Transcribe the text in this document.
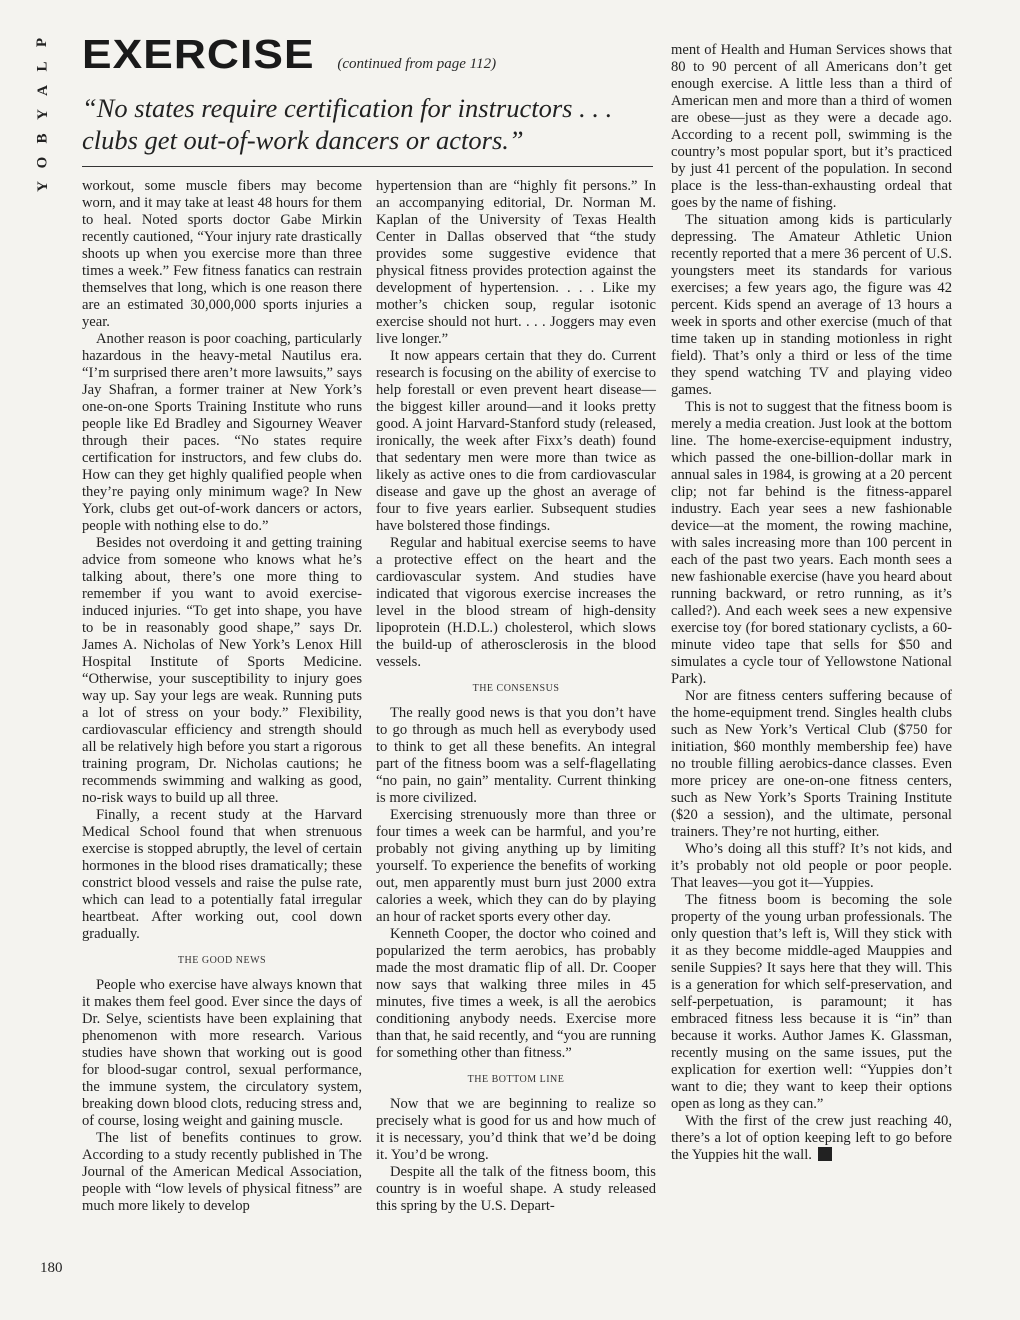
P
L
A
Y
B
O
Y
EXERCISE (continued from page 112)
“No states require certification for instructors . . . clubs get out-of-work dancers or actors.”

workout, some muscle fibers may become worn, and it may take at least 48 hours for them to heal. Noted sports doctor Gabe Mirkin recently cautioned, “Your injury rate drastically shoots up when you exercise more than three times a week.” Few fitness fanatics can restrain themselves that long, which is one reason there are an estimated 30,000,000 sports injuries a year.

Another reason is poor coaching, particularly hazardous in the heavy-metal Nautilus era. “I’m surprised there aren’t more lawsuits,” says Jay Shafran, a former trainer at New York’s one-on-one Sports Training Institute who runs people like Ed Bradley and Sigourney Weaver through their paces. “No states require certification for instructors, and few clubs do. How can they get highly qualified people when they’re paying only minimum wage? In New York, clubs get out-of-work dancers or actors, people with nothing else to do.”

Besides not overdoing it and getting training advice from someone who knows what he’s talking about, there’s one more thing to remember if you want to avoid exercise-induced injuries. “To get into shape, you have to be in reasonably good shape,” says Dr. James A. Nicholas of New York’s Lenox Hill Hospital Institute of Sports Medicine. “Otherwise, your susceptibility to injury goes way up. Say your legs are weak. Running puts a lot of stress on your body.” Flexibility, cardiovascular efficiency and strength should all be relatively high before you start a rigorous training program, Dr. Nicholas cautions; he recommends swimming and walking as good, no-risk ways to build up all three.

Finally, a recent study at the Harvard Medical School found that when strenuous exercise is stopped abruptly, the level of certain hormones in the blood rises dramatically; these constrict blood vessels and raise the pulse rate, which can lead to a potentially fatal irregular heartbeat. After working out, cool down gradually.

THE GOOD NEWS

People who exercise have always known that it makes them feel good. Ever since the days of Dr. Selye, scientists have been explaining that phenomenon with more research. Various studies have shown that working out is good for blood-sugar control, sexual performance, the immune system, the circulatory system, breaking down blood clots, reducing stress and, of course, losing weight and gaining muscle.

The list of benefits continues to grow. According to a study recently published in The Journal of the American Medical Association, people with “low levels of physical fitness” are much more likely to develop

hypertension than are “highly fit persons.” In an accompanying editorial, Dr. Norman M. Kaplan of the University of Texas Health Center in Dallas observed that “the study provides some suggestive evidence that physical fitness provides protection against the development of hypertension. . . . Like my mother’s chicken soup, regular isotonic exercise should not hurt. . . . Joggers may even live longer.”

It now appears certain that they do. Current research is focusing on the ability of exercise to help forestall or even prevent heart disease—the biggest killer around—and it looks pretty good. A joint Harvard-Stanford study (released, ironically, the week after Fixx’s death) found that sedentary men were more than twice as likely as active ones to die from cardiovascular disease and gave up the ghost an average of four to five years earlier. Subsequent studies have bolstered those findings.

Regular and habitual exercise seems to have a protective effect on the heart and the cardiovascular system. And studies have indicated that vigorous exercise increases the level in the blood stream of high-density lipoprotein (H.D.L.) cholesterol, which slows the build-up of atherosclerosis in the blood vessels.

THE CONSENSUS

The really good news is that you don’t have to go through as much hell as everybody used to think to get all these benefits. An integral part of the fitness boom was a self-flagellating “no pain, no gain” mentality. Current thinking is more civilized.

Exercising strenuously more than three or four times a week can be harmful, and you’re probably not giving anything up by limiting yourself. To experience the benefits of working out, men apparently must burn just 2000 extra calories a week, which they can do by playing an hour of racket sports every other day.

Kenneth Cooper, the doctor who coined and popularized the term aerobics, has probably made the most dramatic flip of all. Dr. Cooper now says that walking three miles in 45 minutes, five times a week, is all the aerobics conditioning anybody needs. Exercise more than that, he said recently, and “you are running for something other than fitness.”

THE BOTTOM LINE

Now that we are beginning to realize so precisely what is good for us and how much of it is necessary, you’d think that we’d be doing it. You’d be wrong.

Despite all the talk of the fitness boom, this country is in woeful shape. A study released this spring by the U.S. Depart-

ment of Health and Human Services shows that 80 to 90 percent of all Americans don’t get enough exercise. A little less than a third of American men and more than a third of women are obese—just as they were a decade ago. According to a recent poll, swimming is the country’s most popular sport, but it’s practiced by just 41 percent of the population. In second place is the less-than-exhausting ordeal that goes by the name of fishing.

The situation among kids is particularly depressing. The Amateur Athletic Union recently reported that a mere 36 percent of U.S. youngsters meet its standards for various exercises; a few years ago, the figure was 42 percent. Kids spend an average of 13 hours a week in sports and other exercise (much of that time taken up in standing motionless in right field). That’s only a third or less of the time they spend watching TV and playing video games.

This is not to suggest that the fitness boom is merely a media creation. Just look at the bottom line. The home-exercise-equipment industry, which passed the one-billion-dollar mark in annual sales in 1984, is growing at a 20 percent clip; not far behind is the fitness-apparel industry. Each year sees a new fashionable device—at the moment, the rowing machine, with sales increasing more than 100 percent in each of the past two years. Each month sees a new fashionable exercise (have you heard about running backward, or retro running, as it’s called?). And each week sees a new expensive exercise toy (for bored stationary cyclists, a 60-minute video tape that sells for $50 and simulates a cycle tour of Yellowstone National Park).

Nor are fitness centers suffering because of the home-equipment trend. Singles health clubs such as New York’s Vertical Club ($750 for initiation, $60 monthly membership fee) have no trouble filling aerobics-dance classes. Even more pricey are one-on-one fitness centers, such as New York’s Sports Training Institute ($20 a session), and the ultimate, personal trainers. They’re not hurting, either.

Who’s doing all this stuff? It’s not kids, and it’s probably not old people or poor people. That leaves—you got it—Yuppies.

The fitness boom is becoming the sole property of the young urban professionals. The only question that’s left is, Will they stick with it as they become middle-aged Mauppies and senile Suppies? It says here that they will. This is a generation for which self-preservation, and self-perpetuation, is paramount; it has embraced fitness less because it is “in” than because it works. Author James K. Glassman, recently musing on the same issues, put the explication for exertion well: “Yuppies don’t want to die; they want to keep their options open as long as they can.”

With the first of the crew just reaching 40, there’s a lot of option keeping left to go before the Yuppies hit the wall.

180
